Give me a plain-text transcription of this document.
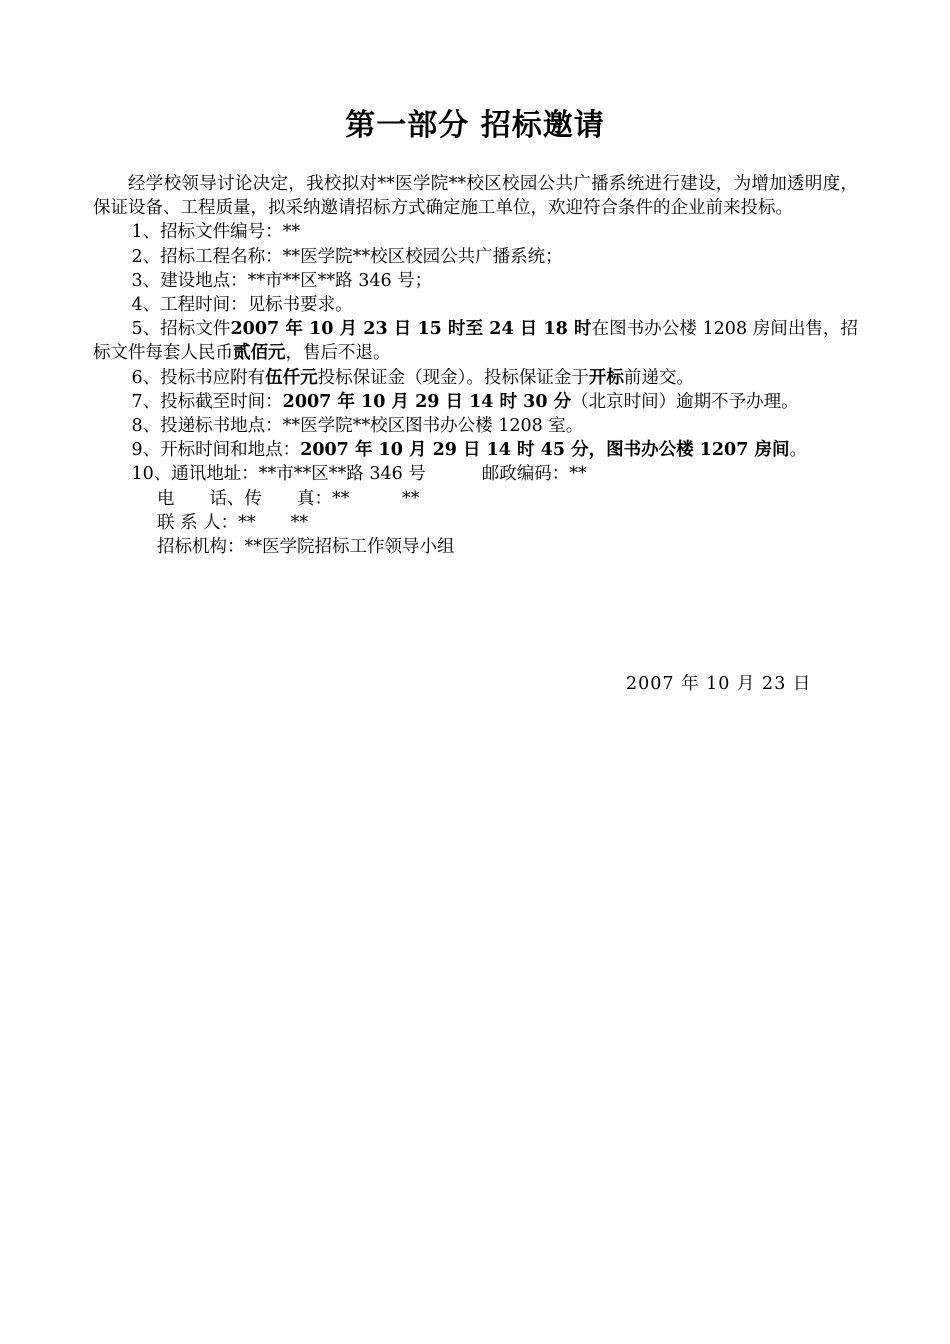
第一部分 招标邀请

经学校领导讨论决定，我校拟对**医学院**校区校园公共广播系统进行建设，为增加透明度，保证设备、工程质量，拟采纳邀请招标方式确定施工单位，欢迎符合条件的企业前来投标。

1、招标文件编号：**

2、招标工程名称：**医学院**校区校园公共广播系统；

3、建设地点：**市**区**路 346 号；

4、工程时间：见标书要求。

5、招标文件2007 年 10 月 23 日 15 时至 24 日 18 时在图书办公楼 1208 房间出售，招标文件每套人民币贰佰元，售后不退。

6、投标书应附有伍仟元投标保证金（现金）。投标保证金于开标前递交。

7、投标截至时间：2007 年 10 月 29 日 14 时 30 分（北京时间）逾期不予办理。

8、投递标书地点：**医学院**校区图书办公楼 1208 室。

9、开标时间和地点：2007 年 10 月 29 日 14 时 45 分，图书办公楼 1207 房间。

10、通讯地址：**市**区**路 346 号	邮政编码：**

电　　话、传　　真：**　　　**

联 系 人：**　　**

招标机构：**医学院招标工作领导小组

2007 年 10 月 23 日
